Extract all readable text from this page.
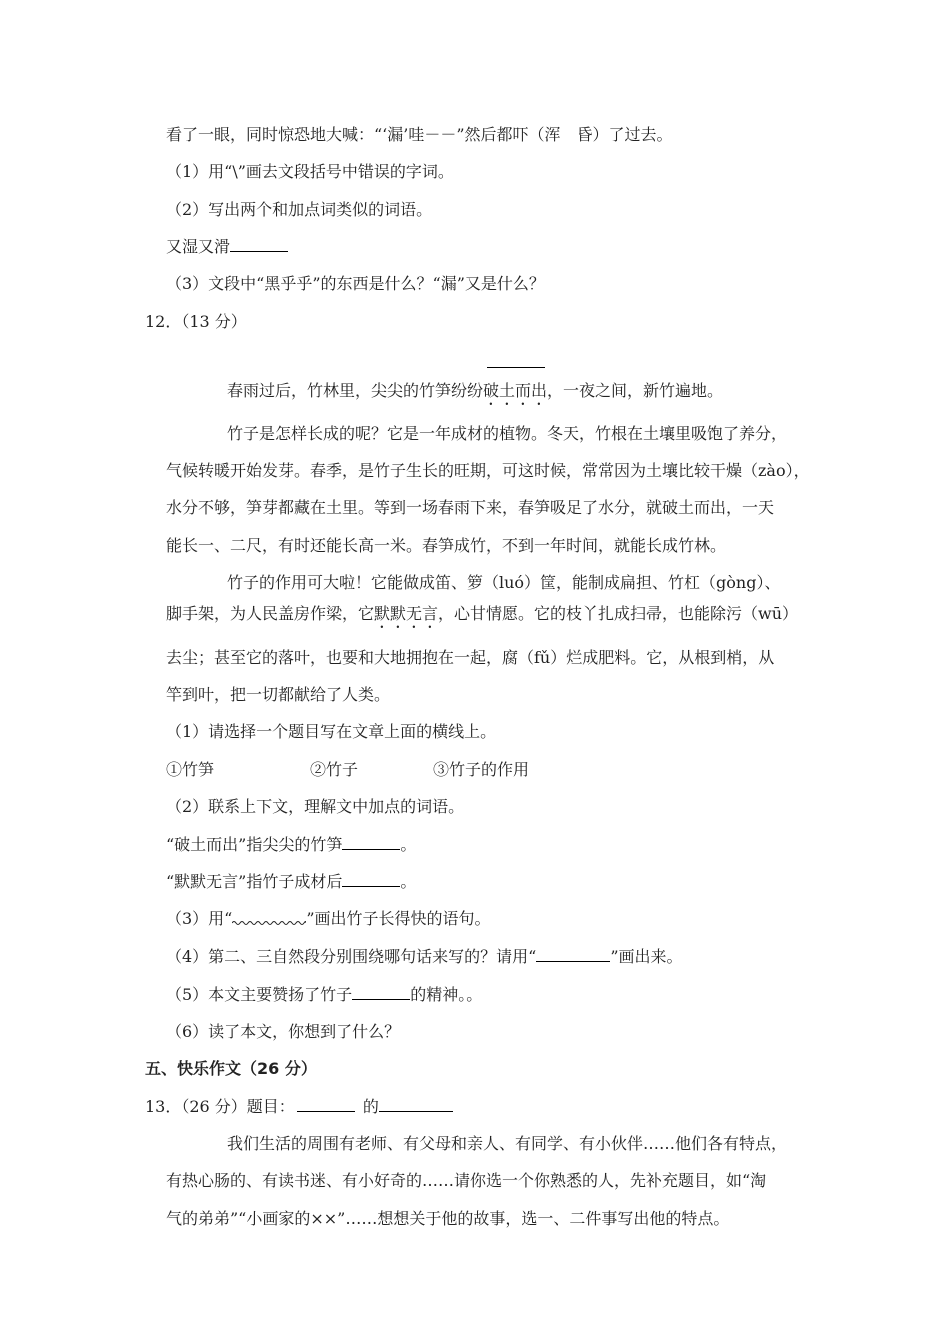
看了一眼，同时惊恐地大喊：“‘漏’哇－－”然后都吓（浑　昏）了过去。
（1）用“\”画去文段括号中错误的字词。
（2）写出两个和加点词类似的词语。
又湿又滑
（3）文段中“黑乎乎”的东西是什么？“漏”又是什么？
12．（13 分）
春雨过后，竹林里，尖尖的竹笋纷纷破土而出，一夜之间，新竹遍地。
竹子是怎样长成的呢？它是一年成材的植物。冬天，竹根在土壤里吸饱了养分，
气候转暖开始发芽。春季，是竹子生长的旺期，可这时候，常常因为土壤比较干燥（zào），
水分不够，笋芽都藏在土里。等到一场春雨下来，春笋吸足了水分，就破土而出，一天
能长一、二尺，有时还能长高一米。春笋成竹，不到一年时间，就能长成竹林。
竹子的作用可大啦！它能做成笛、箩（luó）筐，能制成扁担、竹杠（gòng）、
脚手架，为人民盖房作梁，它默默无言，心甘情愿。它的枝丫扎成扫帚，也能除污（wū）
去尘；甚至它的落叶，也要和大地拥抱在一起，腐（fǔ）烂成肥料。它，从根到梢，从
竿到叶，把一切都献给了人类。
（1）请选择一个题目写在文章上面的横线上。
①竹笋	②竹子	③竹子的作用
（2）联系上下文，理解文中加点的词语。
“破土而出”指尖尖的竹笋	。
“默默无言”指竹子成材后	。
（3）用“	”画出竹子长得快的语句。
（4）第二、三自然段分别围绕哪句话来写的？请用“	”画出来。
（5）本文主要赞扬了竹子	的精神。。
（6）读了本文，你想到了什么？
五、快乐作文（26 分）
13．（26 分）题目：	的
我们生活的周围有老师、有父母和亲人、有同学、有小伙伴……他们各有特点，
有热心肠的、有读书迷、有小好奇的……请你选一个你熟悉的人，先补充题目，如“淘
气的弟弟”“小画家的××”……想想关于他的故事，选一、二件事写出他的特点。
